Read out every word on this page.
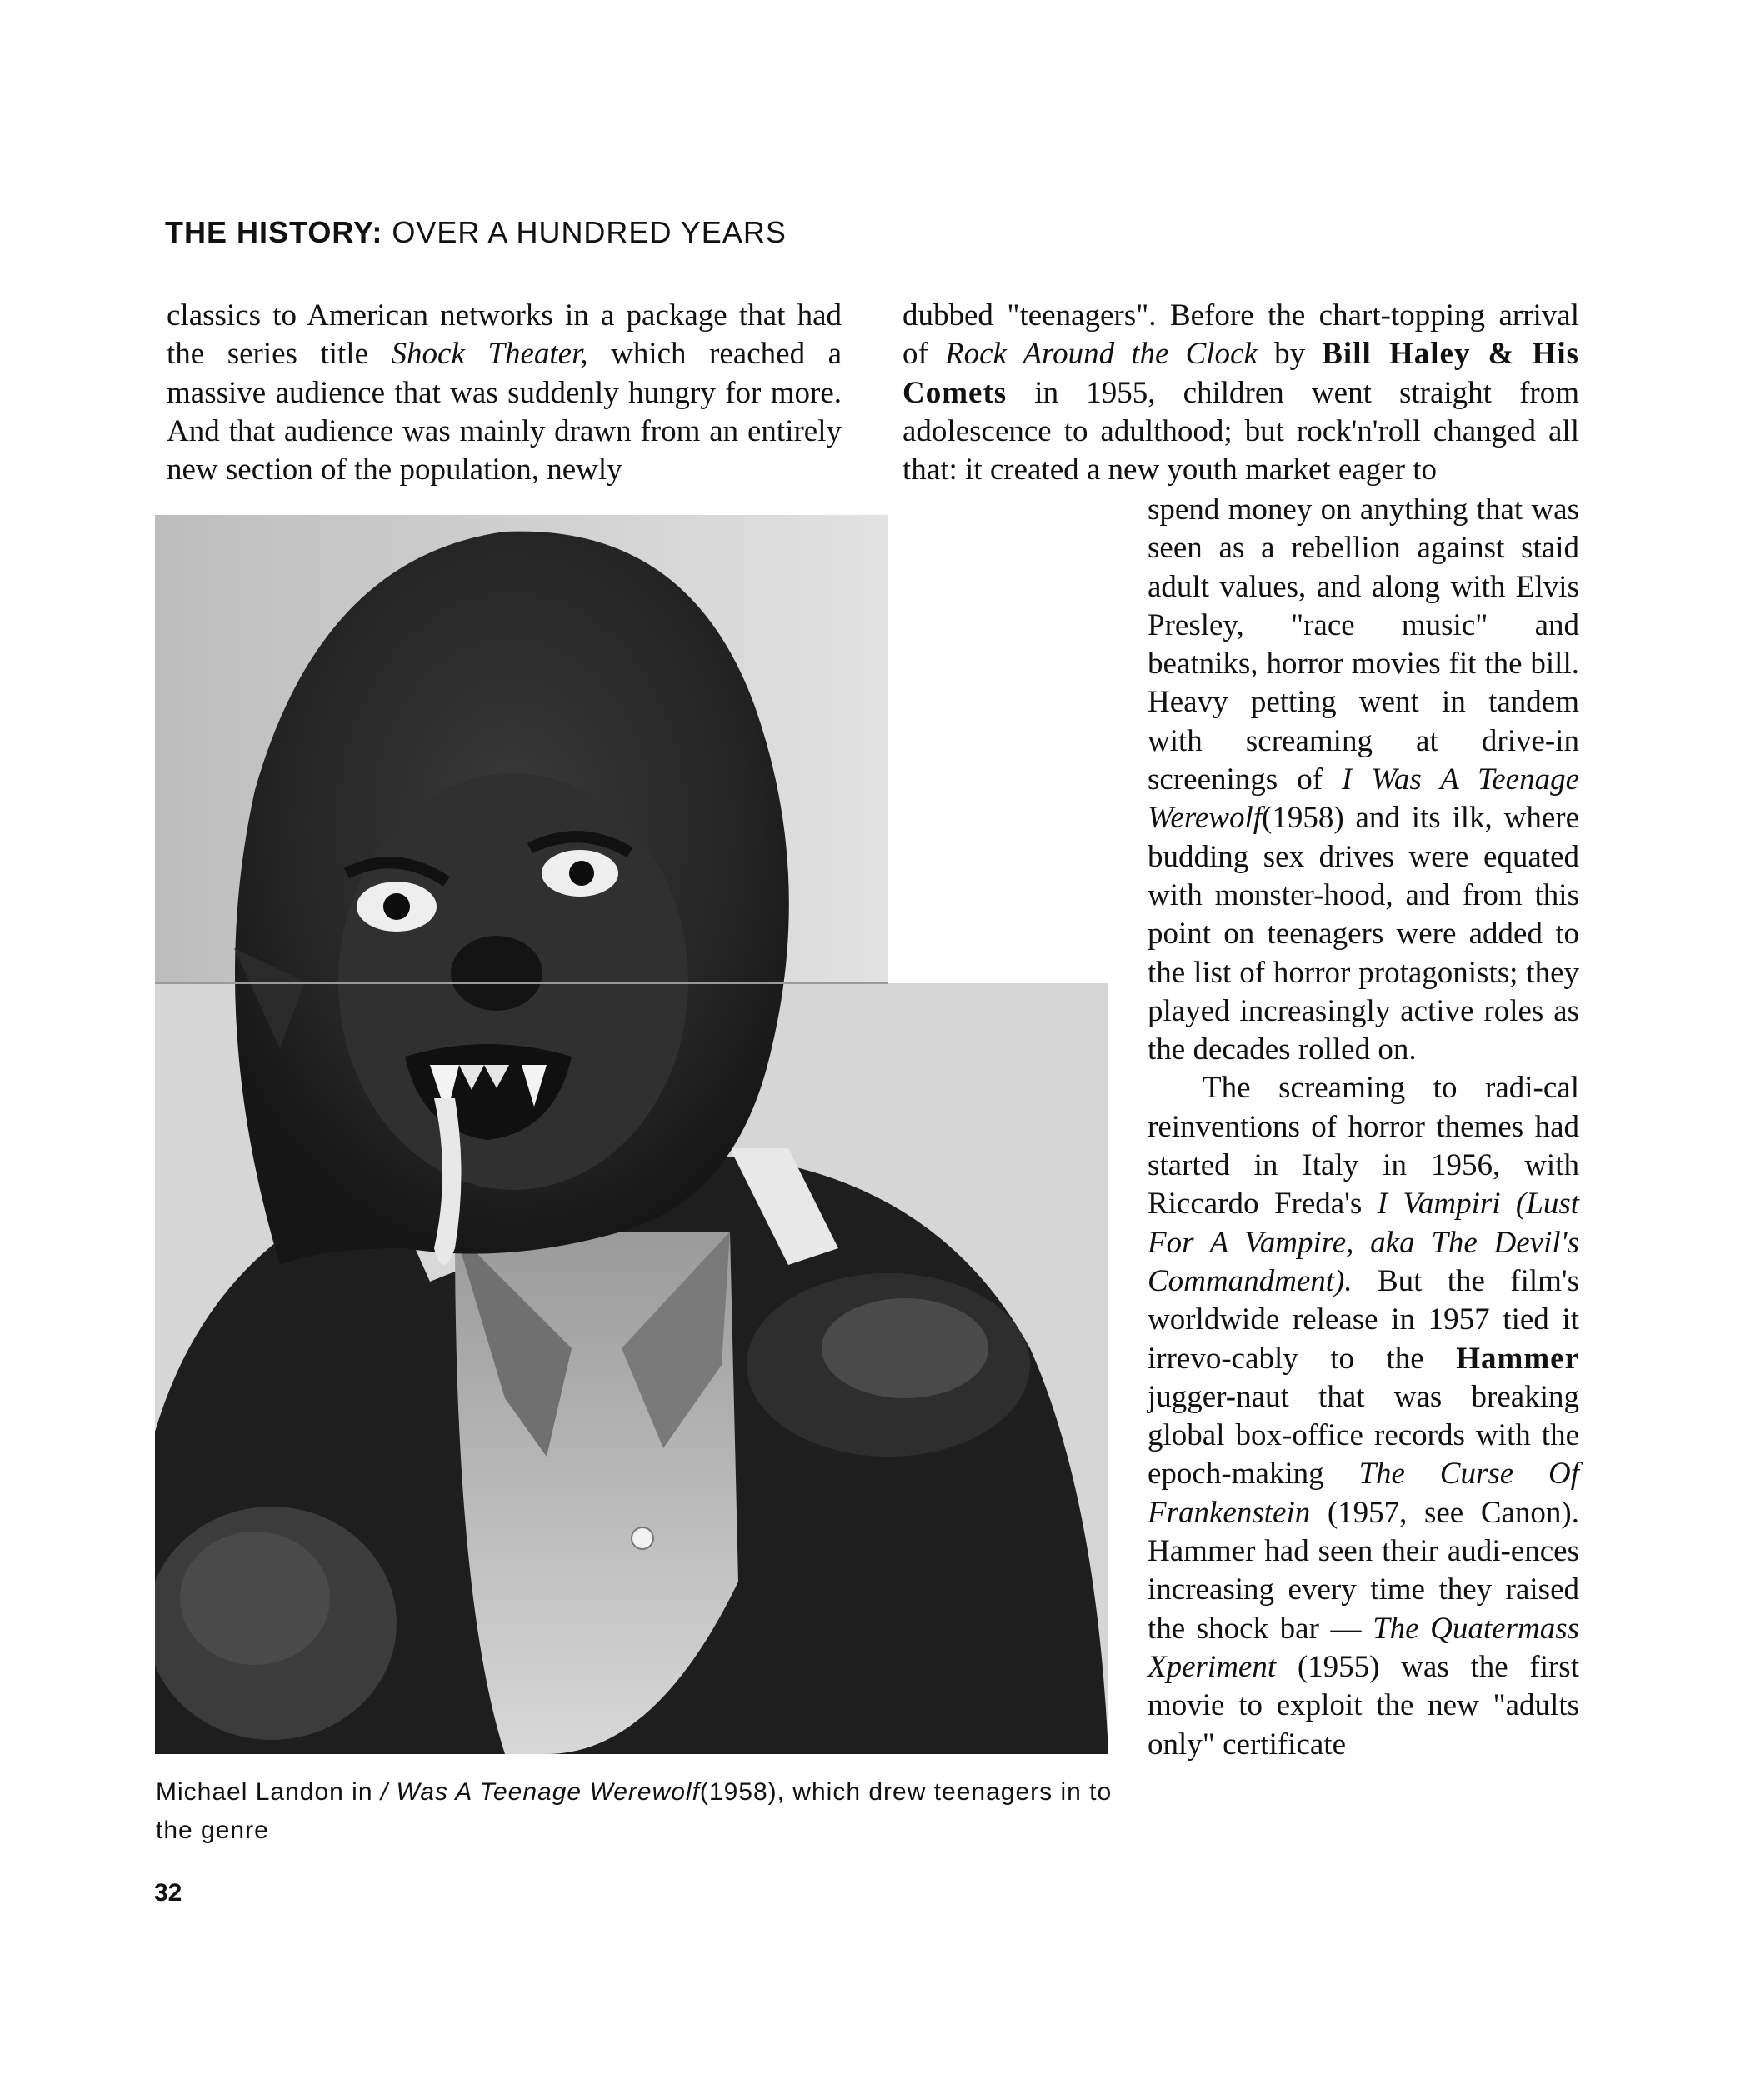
THE HISTORY: OVER A HUNDRED YEARS

classics to American networks in a package that had the series title Shock Theater, which reached a massive audience that was suddenly hungry for more. And that audience was mainly drawn from an entirely new section of the population, newly

dubbed "teenagers". Before the chart-topping arrival of Rock Around the Clock by Bill Haley & His Comets in 1955, children went straight from adolescence to adulthood; but rock'n'roll changed all that: it created a new youth market eager to

spend money on anything that was seen as a rebellion against staid adult values, and along with Elvis Presley, "race music" and beatniks, horror movies fit the bill. Heavy petting went in tandem with screaming at drive-in screenings of I Was A Teenage Werewolf(1958) and its ilk, where budding sex drives were equated with monster-hood, and from this point on teenagers were added to the list of horror protagonists; they played increasingly active roles as the decades rolled on.

The screaming to radi-cal reinventions of horror themes had started in Italy in 1956, with Riccardo Freda's I Vampiri (Lust For A Vampire, aka The Devil's Commandment). But the film's worldwide release in 1957 tied it irrevo-cably to the Hammer jugger-naut that was breaking global box-office records with the epoch-making The Curse Of Frankenstein (1957, see Canon). Hammer had seen their audi-ences increasing every time they raised the shock bar — The Quatermass Xperiment (1955) was the first movie to exploit the new "adults only" certificate

Michael Landon in / Was A Teenage Werewolf(1958), which drew teenagers in to the genre
32
